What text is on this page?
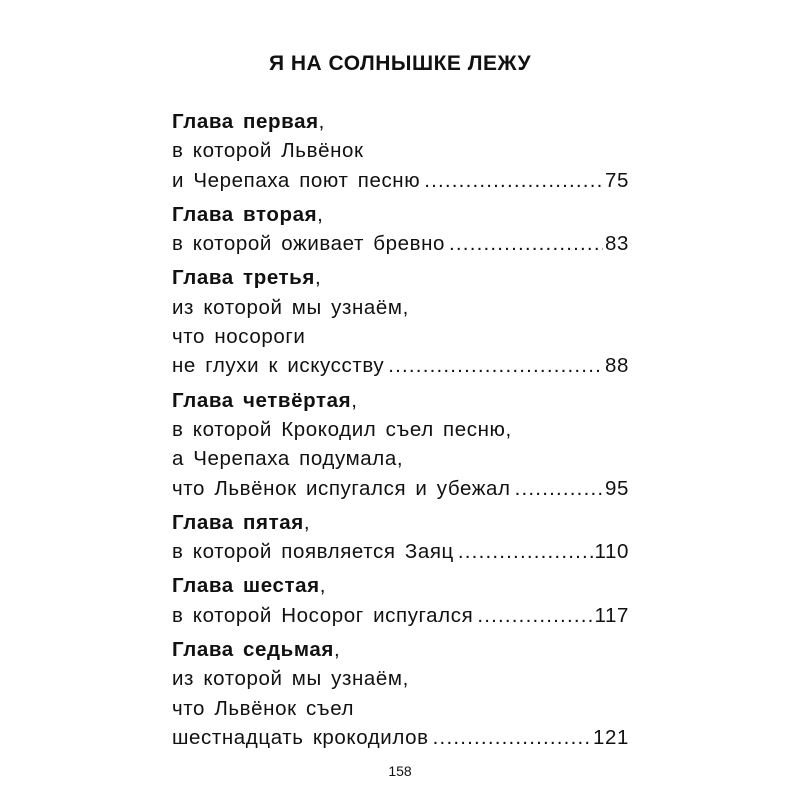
Я НА СОЛНЫШКЕ ЛЕЖУ
Глава первая,
в которой Львёнок
и Черепаха поют песню .....	75
Глава вторая,
в которой оживает бревно .....	83
Глава третья,
из которой мы узнаём,
что носороги
не глухи к искусству .....	88
Глава четвёртая,
в которой Крокодил съел песню,
а Черепаха подумала,
что Львёнок испугался и убежал .....	95
Глава пятая,
в которой появляется Заяц .....	110
Глава шестая,
в которой Носорог испугался .....	117
Глава седьмая,
из которой мы узнаём,
что Львёнок съел
шестнадцать крокодилов .....	121
158
